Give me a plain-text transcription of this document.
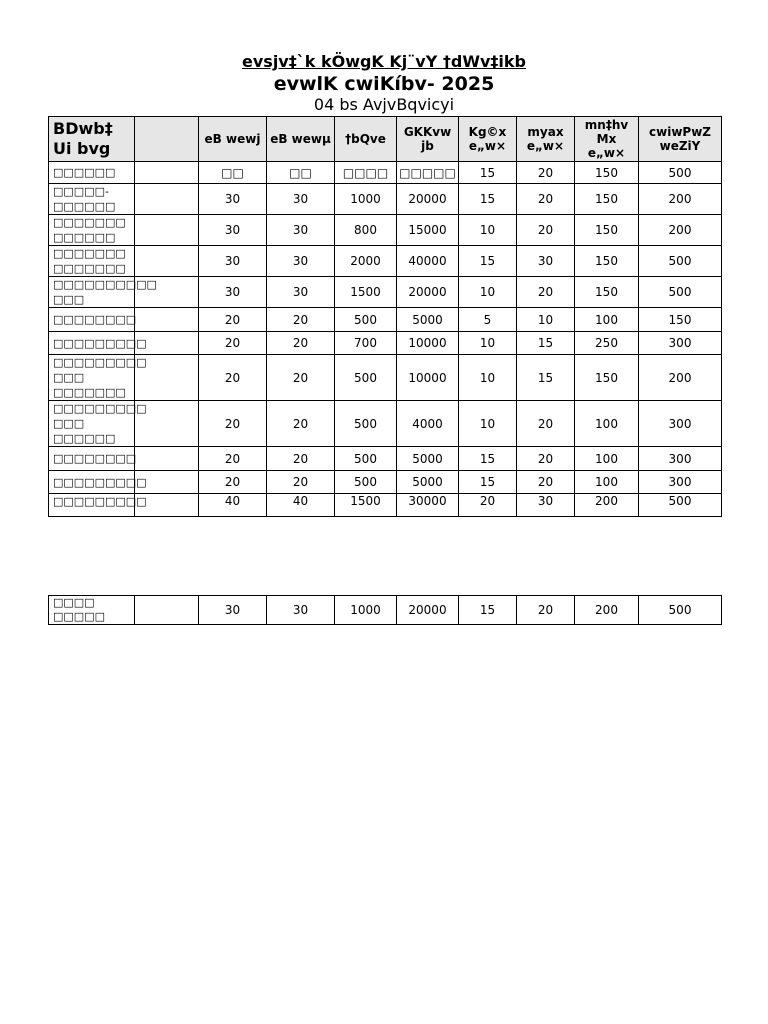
evsjv‡`k kÖwgK Kj¨vY †dWv‡ikb
evwlK cwiKíbv- 2025
04 bs AvjvBqvicyi
BDwb‡ Ui bvg		eB wewj	eB wewµ	†bQve	GKKvw jb	Kg©x e„w×	myax e„w×	mn‡hv Mx e„w×	cwiwPwZ weZiY
□□□□□□		□□	□□	□□□□	□□□□□	15	20	150	500
□□□□□- □□□□□□		30	30	1000	20000	15	20	150	200
□□□□□□□ □□□□□□		30	30	800	15000	10	20	150	200
□□□□□□□ □□□□□□□		30	30	2000	40000	15	30	150	500
□□□□□□□□□□ □□□		30	30	1500	20000	10	20	150	500
□□□□□□□□		20	20	500	5000	5	10	100	150
□□□□□□□□□		20	20	700	10000	10	15	250	300
□□□□□□□□□ □□□ □□□□□□□		20	20	500	10000	10	15	150	200
□□□□□□□□□ □□□ □□□□□□		20	20	500	4000	10	20	100	300
□□□□□□□□		20	20	500	5000	15	20	100	300
□□□□□□□□□		20	20	500	5000	15	20	100	300
□□□□□□□□□		40	40	1500	30000	20	30	200	500
□□□□ □□□□□		30	30	1000	20000	15	20	200	500
